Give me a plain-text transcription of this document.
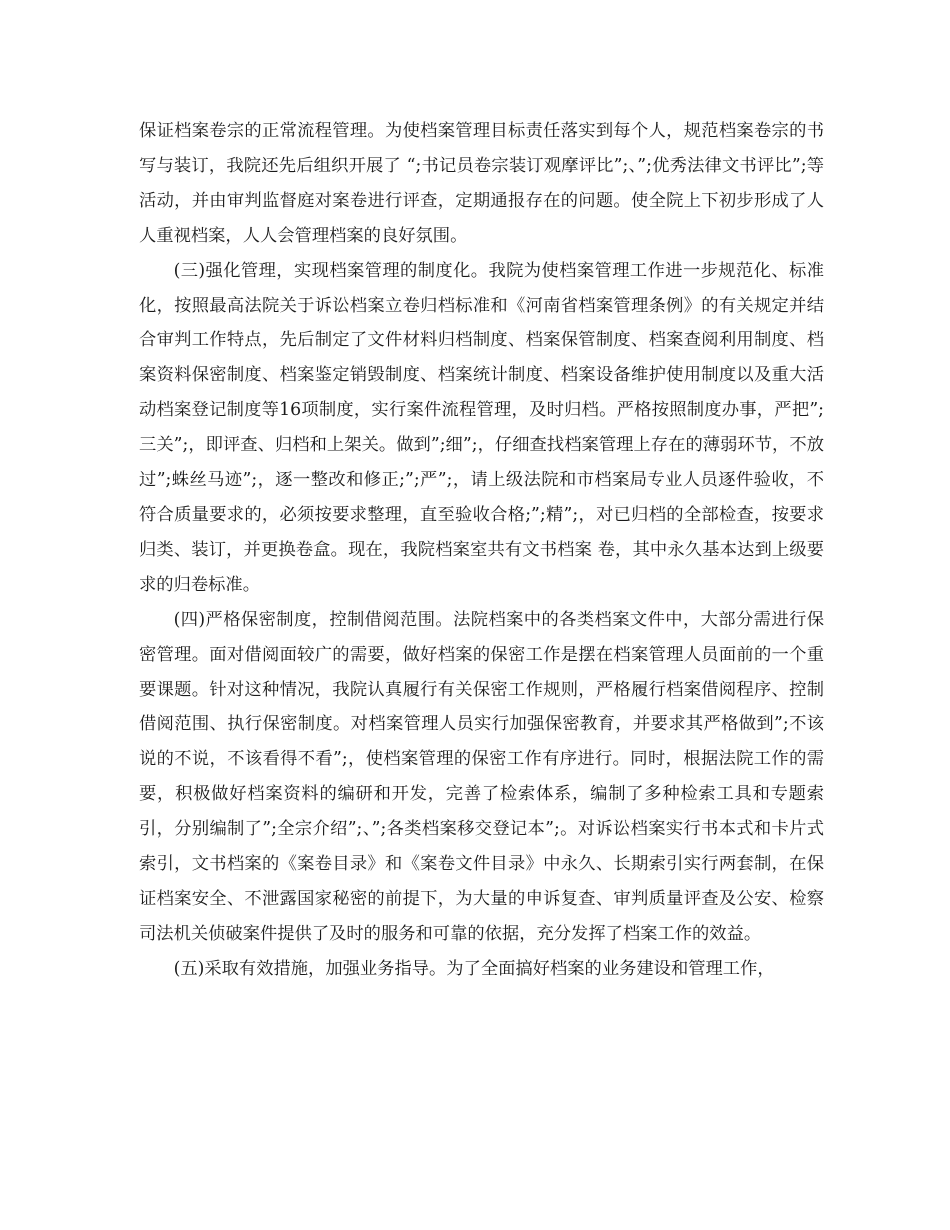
保证档案卷宗的正常流程管理。为使档案管理目标责任落实到每个人，规范档案卷宗的书写与装订，我院还先后组织开展了 “;书记员卷宗装订观摩评比”;、”;优秀法律文书评比”;等活动，并由审判监督庭对案卷进行评查，定期通报存在的问题。使全院上下初步形成了人人重视档案，人人会管理档案的良好氛围。

(三)强化管理，实现档案管理的制度化。我院为使档案管理工作进一步规范化、标准化，按照最高法院关于诉讼档案立卷归档标准和《河南省档案管理条例》的有关规定并结合审判工作特点，先后制定了文件材料归档制度、档案保管制度、档案查阅利用制度、档案资料保密制度、档案鉴定销毁制度、档案统计制度、档案设备维护使用制度以及重大活动档案登记制度等16项制度，实行案件流程管理，及时归档。严格按照制度办事，严把”;三关”;，即评查、归档和上架关。做到”;细”;，仔细查找档案管理上存在的薄弱环节，不放过”;蛛丝马迹”;，逐一整改和修正;”;严”;，请上级法院和市档案局专业人员逐件验收，不符合质量要求的，必须按要求整理，直至验收合格;”;精”;，对已归档的全部检查，按要求归类、装订，并更换卷盒。现在，我院档案室共有文书档案 卷，其中永久基本达到上级要求的归卷标准。

(四)严格保密制度，控制借阅范围。法院档案中的各类档案文件中，大部分需进行保密管理。面对借阅面较广的需要，做好档案的保密工作是摆在档案管理人员面前的一个重要课题。针对这种情况，我院认真履行有关保密工作规则，严格履行档案借阅程序、控制借阅范围、执行保密制度。对档案管理人员实行加强保密教育，并要求其严格做到”;不该说的不说，不该看得不看”;，使档案管理的保密工作有序进行。同时，根据法院工作的需要，积极做好档案资料的编研和开发，完善了检索体系，编制了多种检索工具和专题索引，分别编制了”;全宗介绍”;、”;各类档案移交登记本”;。对诉讼档案实行书本式和卡片式索引，文书档案的《案卷目录》和《案卷文件目录》中永久、长期索引实行两套制，在保证档案安全、不泄露国家秘密的前提下，为大量的申诉复查、审判质量评查及公安、检察司法机关侦破案件提供了及时的服务和可靠的依据，充分发挥了档案工作的效益。

(五)采取有效措施，加强业务指导。为了全面搞好档案的业务建设和管理工作，
